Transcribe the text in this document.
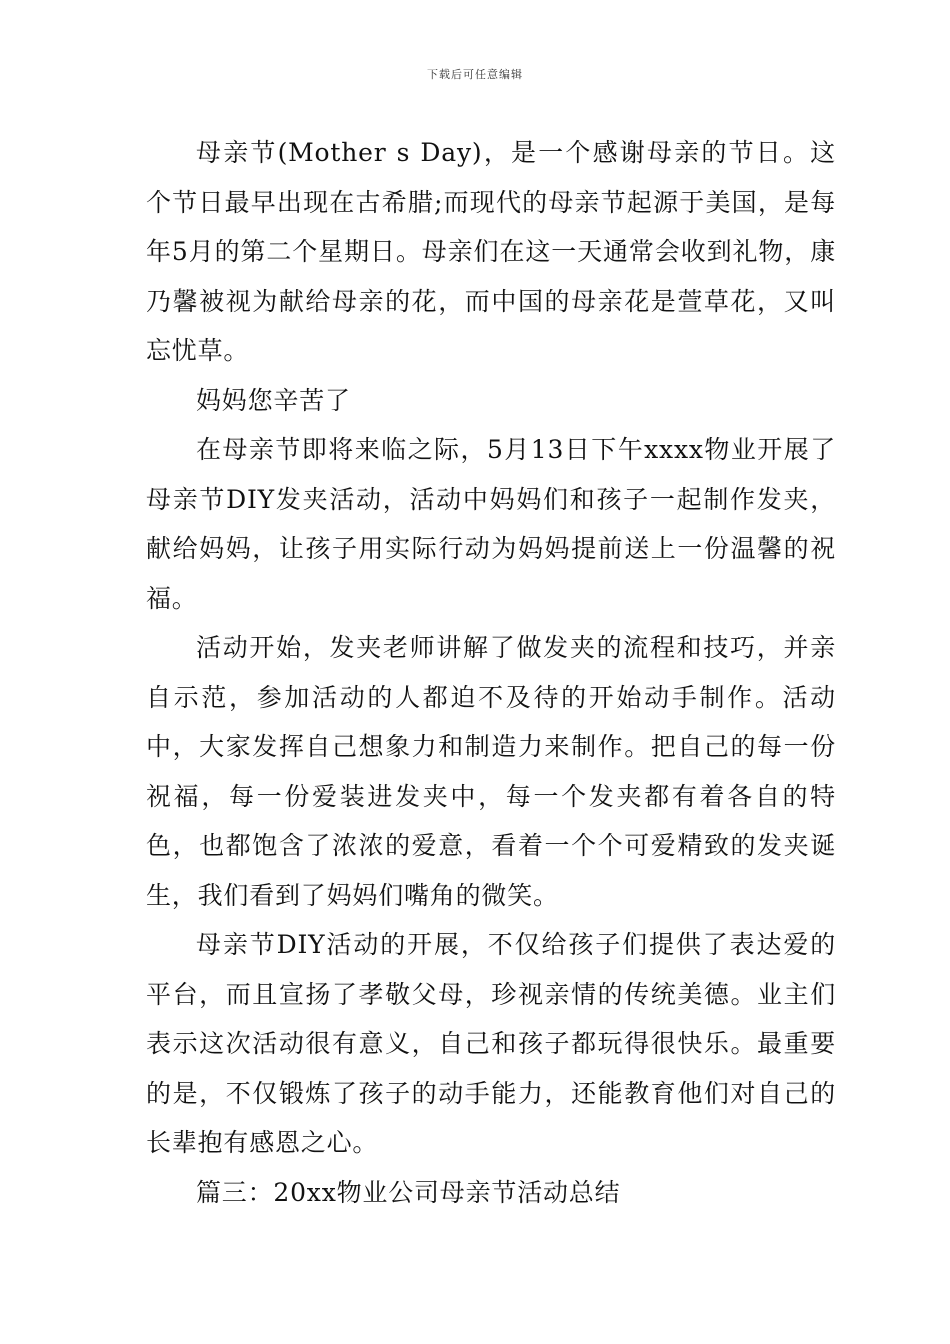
下载后可任意编辑

母亲节(Mother s Day)，是一个感谢母亲的节日。这个节日最早出现在古希腊;而现代的母亲节起源于美国，是每年5月的第二个星期日。母亲们在这一天通常会收到礼物，康乃馨被视为献给母亲的花，而中国的母亲花是萱草花，又叫忘忧草。

妈妈您辛苦了

在母亲节即将来临之际，5月13日下午xxxx物业开展了母亲节DIY发夹活动，活动中妈妈们和孩子一起制作发夹，献给妈妈，让孩子用实际行动为妈妈提前送上一份温馨的祝福。

活动开始，发夹老师讲解了做发夹的流程和技巧，并亲自示范，参加活动的人都迫不及待的开始动手制作。活动中，大家发挥自己想象力和制造力来制作。把自己的每一份祝福，每一份爱装进发夹中，每一个发夹都有着各自的特色，也都饱含了浓浓的爱意，看着一个个可爱精致的发夹诞生，我们看到了妈妈们嘴角的微笑。

母亲节DIY活动的开展，不仅给孩子们提供了表达爱的平台，而且宣扬了孝敬父母，珍视亲情的传统美德。业主们表示这次活动很有意义，自己和孩子都玩得很快乐。最重要的是，不仅锻炼了孩子的动手能力，还能教育他们对自己的长辈抱有感恩之心。

篇三：20xx物业公司母亲节活动总结
